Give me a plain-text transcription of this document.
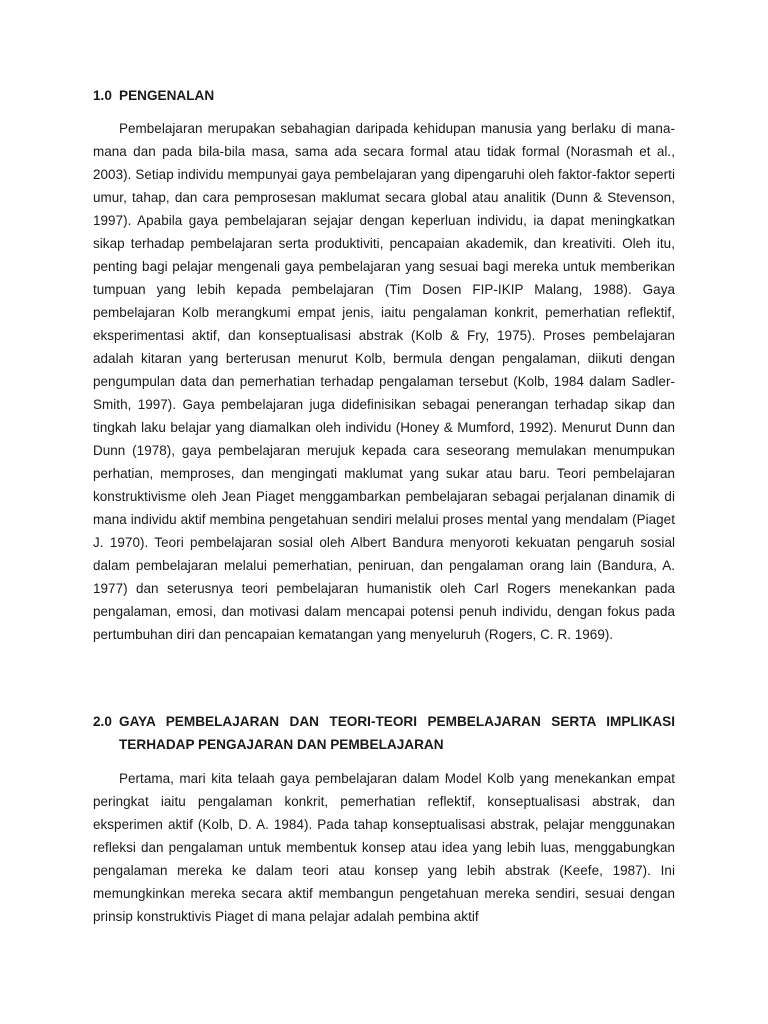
1.0 PENGENALAN

Pembelajaran merupakan sebahagian daripada kehidupan manusia yang berlaku di mana-mana dan pada bila-bila masa, sama ada secara formal atau tidak formal (Norasmah et al., 2003). Setiap individu mempunyai gaya pembelajaran yang dipengaruhi oleh faktor-faktor seperti umur, tahap, dan cara pemprosesan maklumat secara global atau analitik (Dunn & Stevenson, 1997). Apabila gaya pembelajaran sejajar dengan keperluan individu, ia dapat meningkatkan sikap terhadap pembelajaran serta produktiviti, pencapaian akademik, dan kreativiti. Oleh itu, penting bagi pelajar mengenali gaya pembelajaran yang sesuai bagi mereka untuk memberikan tumpuan yang lebih kepada pembelajaran (Tim Dosen FIP-IKIP Malang, 1988). Gaya pembelajaran Kolb merangkumi empat jenis, iaitu pengalaman konkrit, pemerhatian reflektif, eksperimentasi aktif, dan konseptualisasi abstrak (Kolb & Fry, 1975). Proses pembelajaran adalah kitaran yang berterusan menurut Kolb, bermula dengan pengalaman, diikuti dengan pengumpulan data dan pemerhatian terhadap pengalaman tersebut (Kolb, 1984 dalam Sadler-Smith, 1997). Gaya pembelajaran juga didefinisikan sebagai penerangan terhadap sikap dan tingkah laku belajar yang diamalkan oleh individu (Honey & Mumford, 1992). Menurut Dunn dan Dunn (1978), gaya pembelajaran merujuk kepada cara seseorang memulakan menumpukan perhatian, memproses, dan mengingati maklumat yang sukar atau baru. Teori pembelajaran konstruktivisme oleh Jean Piaget menggambarkan pembelajaran sebagai perjalanan dinamik di mana individu aktif membina pengetahuan sendiri melalui proses mental yang mendalam (Piaget J. 1970). Teori pembelajaran sosial oleh Albert Bandura menyoroti kekuatan pengaruh sosial dalam pembelajaran melalui pemerhatian, peniruan, dan pengalaman orang lain (Bandura, A. 1977) dan seterusnya teori pembelajaran humanistik oleh Carl Rogers menekankan pada pengalaman, emosi, dan motivasi dalam mencapai potensi penuh individu, dengan fokus pada pertumbuhan diri dan pencapaian kematangan yang menyeluruh (Rogers, C. R. 1969).

2.0 GAYA PEMBELAJARAN DAN TEORI-TEORI PEMBELAJARAN SERTA IMPLIKASI TERHADAP PENGAJARAN DAN PEMBELAJARAN

Pertama, mari kita telaah gaya pembelajaran dalam Model Kolb yang menekankan empat peringkat iaitu pengalaman konkrit, pemerhatian reflektif, konseptualisasi abstrak, dan eksperimen aktif (Kolb, D. A. 1984). Pada tahap konseptualisasi abstrak, pelajar menggunakan refleksi dan pengalaman untuk membentuk konsep atau idea yang lebih luas, menggabungkan pengalaman mereka ke dalam teori atau konsep yang lebih abstrak (Keefe, 1987). Ini memungkinkan mereka secara aktif membangun pengetahuan mereka sendiri, sesuai dengan prinsip konstruktivis Piaget di mana pelajar adalah pembina aktif
